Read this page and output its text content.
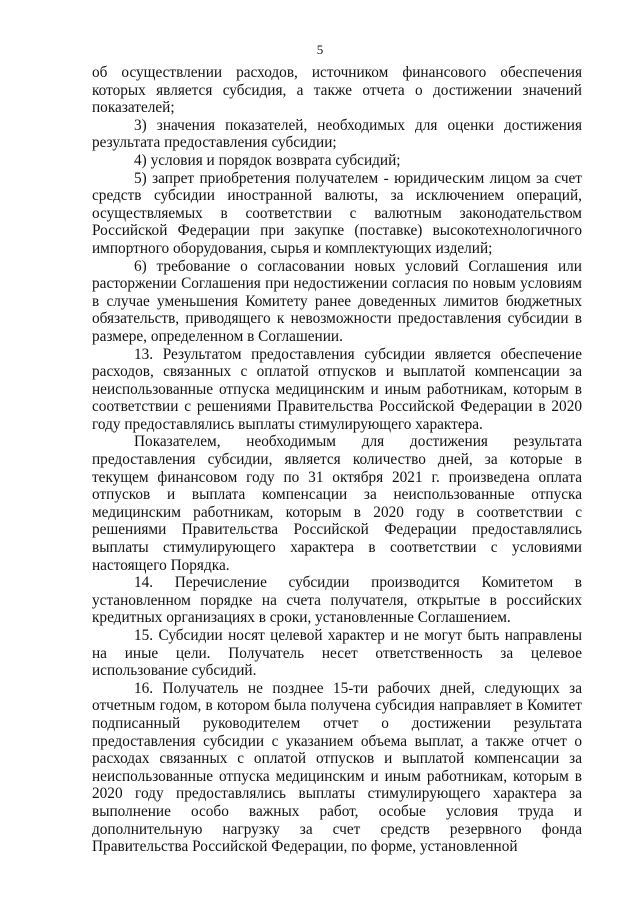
5

об осуществлении расходов, источником финансового обеспечения которых является субсидия, а также отчета о достижении значений показателей;

3) значения показателей, необходимых для оценки достижения результата предоставления субсидии;

4) условия и порядок возврата субсидий;

5) запрет приобретения получателем - юридическим лицом за счет средств субсидии иностранной валюты, за исключением операций, осуществляемых в соответствии с валютным законодательством Российской Федерации при закупке (поставке) высокотехнологичного импортного оборудования, сырья и комплектующих изделий;

6) требование о согласовании новых условий Соглашения или расторжении Соглашения при недостижении согласия по новым условиям в случае уменьшения Комитету ранее доведенных лимитов бюджетных обязательств, приводящего к невозможности предоставления субсидии в размере, определенном в Соглашении.

13. Результатом предоставления субсидии является обеспечение расходов, связанных с оплатой отпусков и выплатой компенсации за неиспользованные отпуска медицинским и иным работникам, которым в соответствии с решениями Правительства Российской Федерации в 2020 году предоставлялись выплаты стимулирующего характера.

Показателем, необходимым для достижения результата предоставления субсидии, является количество дней, за которые в текущем финансовом году по 31 октября 2021 г. произведена оплата отпусков и выплата компенсации за неиспользованные отпуска медицинским работникам, которым в 2020 году в соответствии с решениями Правительства Российской Федерации предоставлялись выплаты стимулирующего характера в соответствии с условиями настоящего Порядка.

14. Перечисление субсидии производится Комитетом в установленном порядке на счета получателя, открытые в российских кредитных организациях в сроки, установленные Соглашением.

15. Субсидии носят целевой характер и не могут быть направлены на иные цели. Получатель несет ответственность за целевое использование субсидий.

16. Получатель не позднее 15-ти рабочих дней, следующих за отчетным годом, в котором была получена субсидия направляет в Комитет подписанный руководителем отчет о достижении результата предоставления субсидии с указанием объема выплат, а также отчет о расходах связанных с оплатой отпусков и выплатой компенсации за неиспользованные отпуска медицинским и иным работникам, которым в 2020 году предоставлялись выплаты стимулирующего характера за выполнение особо важных работ, особые условия труда и дополнительную нагрузку за счет средств резервного фонда Правительства Российской Федерации, по форме, установленной
